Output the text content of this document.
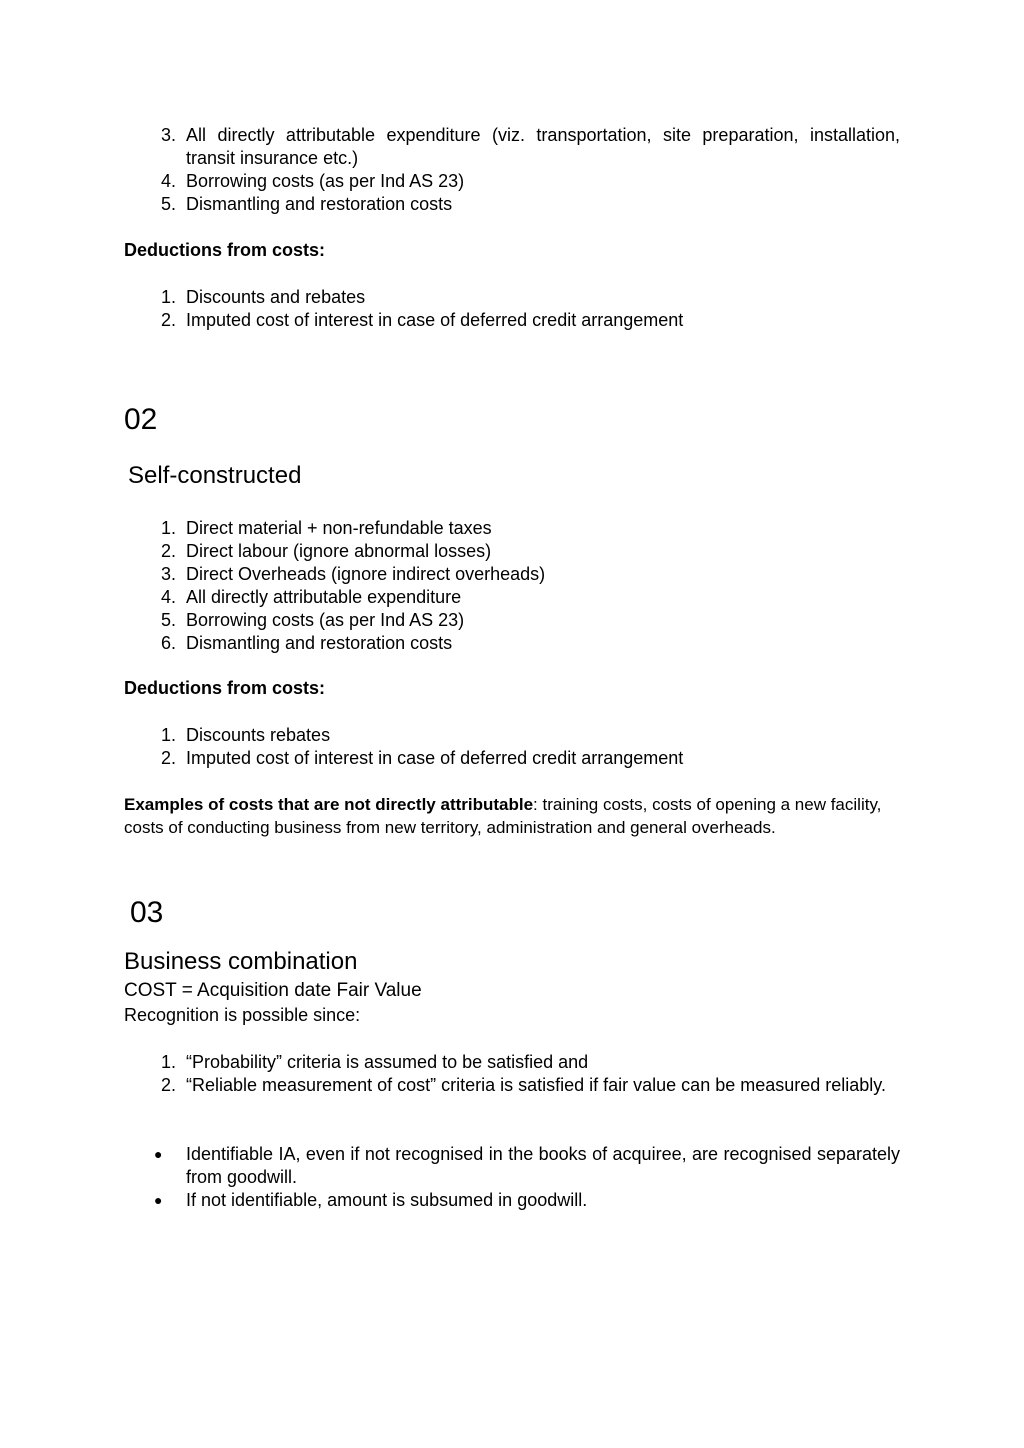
3. All directly attributable expenditure (viz. transportation, site preparation, installation, transit insurance etc.)
4. Borrowing costs (as per Ind AS 23)
5. Dismantling and restoration costs
Deductions from costs:
1. Discounts and rebates
2. Imputed cost of interest in case of deferred credit arrangement
02
Self-constructed
1. Direct material + non-refundable taxes
2. Direct labour (ignore abnormal losses)
3. Direct Overheads (ignore indirect overheads)
4. All directly attributable expenditure
5. Borrowing costs (as per Ind AS 23)
6. Dismantling and restoration costs
Deductions from costs:
1. Discounts rebates
2. Imputed cost of interest in case of deferred credit arrangement

Examples of costs that are not directly attributable: training costs, costs of opening a new facility, costs of conducting business from new territory, administration and general overheads.

03
Business combination
COST = Acquisition date Fair Value
Recognition is possible since:
1. “Probability” criteria is assumed to be satisfied and
2. “Reliable measurement of cost” criteria is satisfied if fair value can be measured reliably.
● Identifiable IA, even if not recognised in the books of acquiree, are recognised separately from goodwill.
● If not identifiable, amount is subsumed in goodwill.
